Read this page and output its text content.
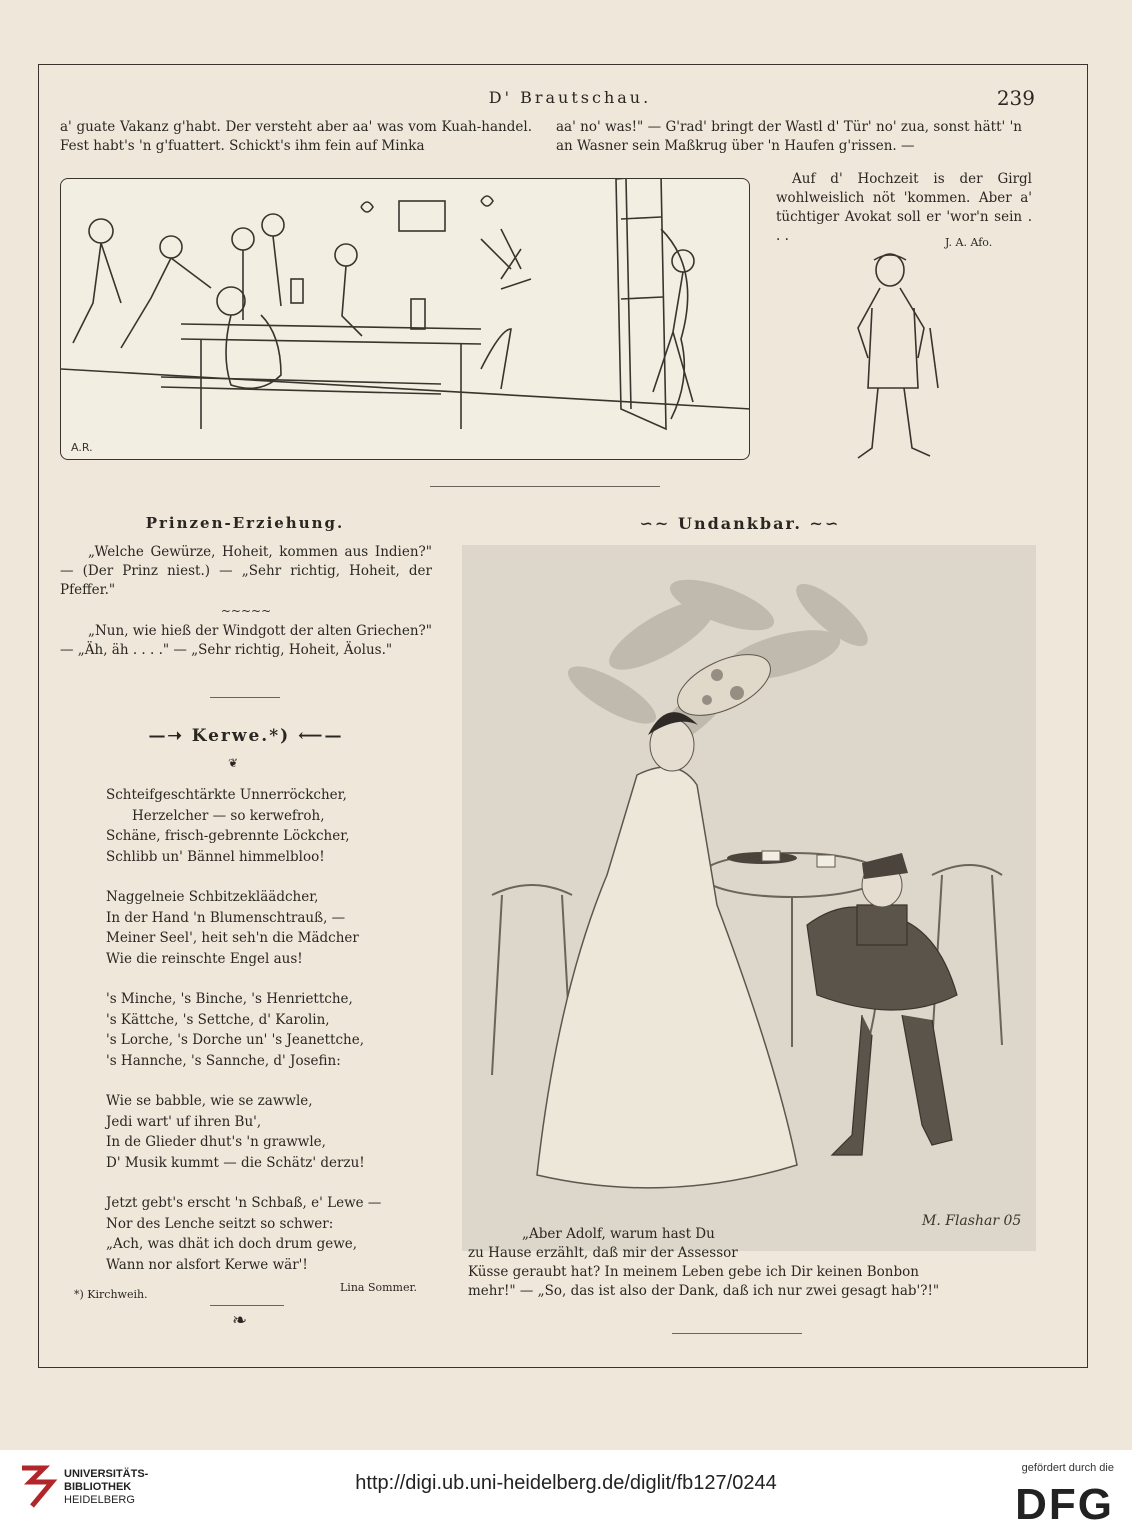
D' Brautschau.	239

a' guate Vakanz g'habt. Der versteht aber aa' was vom Kuah-handel. Fest habt's 'n g'fuattert. Schickt's ihm fein auf Minka

aa' no' was!" — G'rad' bringt der Wastl d' Tür' no' zua, sonst hätt' 'n an Wasner sein Maßkrug über 'n Haufen g'rissen. —

A.R.

Auf d' Hochzeit is der Girgl wohlweislich nöt 'kommen. Aber a' tüchtiger Avokat soll er 'wor'n sein . . .	J. A. Afo.
Prinzen-Erziehung.

„Welche Gewürze, Hoheit, kommen aus Indien?" — (Der Prinz niest.) — „Sehr richtig, Hoheit, der Pfeffer."

~~~~~

„Nun, wie hieß der Windgott der alten Griechen?" — „Äh, äh . . . ." — „Sehr richtig, Hoheit, Äolus."

—➝ Kerwe.*) ⟵—
❦
Schteifgeschtärkte Unnerröckcher,
Herzelcher — so kerwefroh,
Schäne, frisch-gebrennte Löckcher,
Schlibb un' Bännel himmelbloo!
Naggelneie Schbitzekläädcher,
In der Hand 'n Blumenschtrauß, —
Meiner Seel', heit seh'n die Mädcher
Wie die reinschte Engel aus!
's Minche, 's Binche, 's Henriettche,
's Kättche, 's Settche, d' Karolin,
's Lorche, 's Dorche un' 's Jeanettche,
's Hannche, 's Sannche, d' Josefin:
Wie se babble, wie se zawwle,
Jedi wart' uf ihren Bu',
In de Glieder dhut's 'n grawwle,
D' Musik kummt — die Schätz' derzu!
Jetzt gebt's erscht 'n Schbaß, e' Lewe —
Nor des Lenche seitzt so schwer:
„Ach, was dhät ich doch drum gewe,
Wann nor alsfort Kerwe wär'!
Lina Sommer.
*) Kirchweih.
❧
∽∼ Undankbar. ∼∽
M. Flashar 05
„Aber Adolf, warum hast Du
zu Hause erzählt, daß mir der Assessor
Küsse geraubt hat? In meinem Leben gebe ich Dir keinen Bonbon
mehr!" — „So, das ist also der Dank, daß ich nur zwei gesagt hab'?!"
UNIVERSITÄTS-
BIBLIOTHEK
HEIDELBERG
http://digi.ub.uni-heidelberg.de/diglit/fb127/0244
gefördert durch die
DFG
